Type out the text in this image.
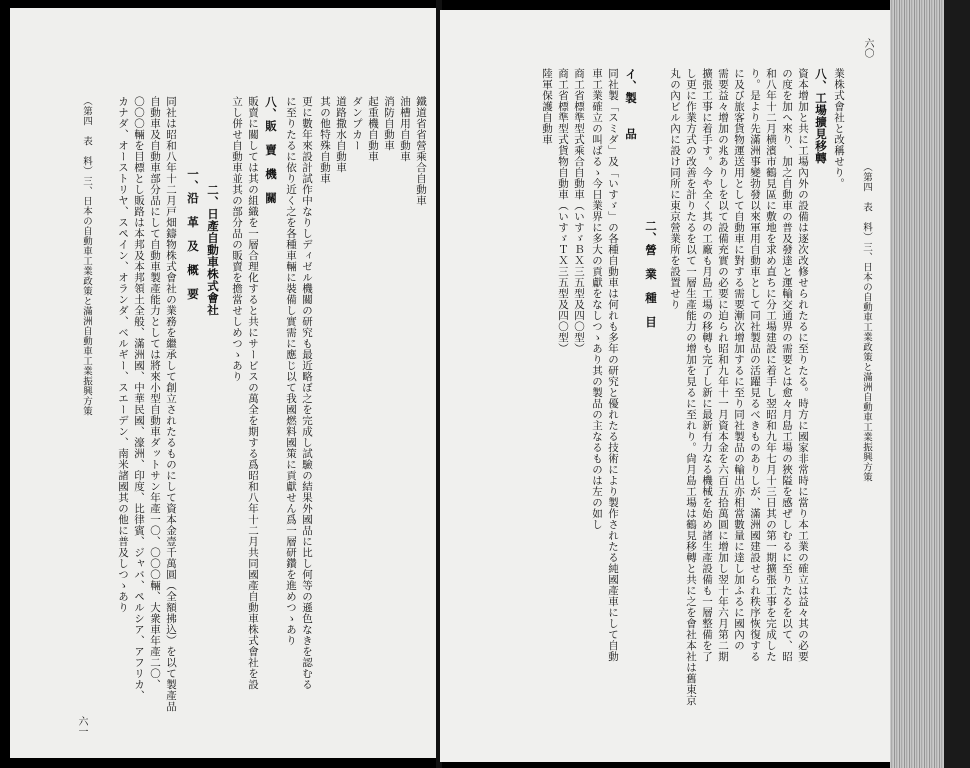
鐵道省省營乘合自動車
油槽用自動車
消防自動車
起重機自動車
ダンプカー
道路撒水自動車
其の他特殊自動車
更に數年來設計試作中なりしディゼル機關の研究も最近略ぼ之を完成し試驗の結果外國品に比し何等の遜色なきを認むる
に至りたるに依り近く之を各種車輛に裝備し實需に應じ以て我國燃料國策に貢獻せん爲一層研鑽を進めつゝあり
八、販　賣　機　關
販賣に關しては其の組織を一層合理化すると共にサービスの萬全を期する爲昭和八年十二月共同國產自動車株式會社を設
立し併せ自動車並其の部分品の販賣を擔當せしめつゝあり
二、日產自動車株式會社
一、沿　革　及　概　要
同社は昭和八年十二月戸畑鑄物株式會社の業務を繼承して創立されたるものにして資本金壹千萬圓（全額拂込）を以て製產品
自動車及自動車部分品にして自動車製產能力としては將來小型自動車ダットサン年產一〇、〇〇〇輛、大衆車年產二〇、
〇〇〇輛を目標とし販路は本邦及本邦領土全般、滿洲國、中華民國、濠洲、印度、比律賓、ジャバ、ペルシア、アフリカ、
カナダ、オーストリヤ、スペイン、オランダ、ベルギー、スエーデン、南米諸國其の他に普及しつゝあり
（第四　表　料）三、日本の自動車工業政策と滿洲自動車工業振興方策
六一
（第四　表　料）三、日本の自動車工業政策と滿洲自動車工業振興方策
六〇
業株式會社と改稱せり。
八、工場擴見移轉
資本增加と共に工場內外の設備は逐次改修せられたるに至りたる。時方に國家非常時に當り本工業の確立は益々其の必要
の度を加へ來り、加之自動車の普及發達と運輸交通界の需要とは愈々月島工場の狹隘を感ぜしむるに至りたるを以て、昭
和八年十二月横濱市鶴見區に敷地を求め直ちに分工場建設に着手し翌昭和九年七月十三日其の第一期擴張工事を完成した
り。是より先滿洲事變勃發以來軍用自動車として同社製品の活躍見るべきものありしが、滿洲國建設せられ秩序恢復する
に及び旅客貨物運送用として自動車に對する需要漸次增加するに至り同社製品の輸出亦相當數量に達し加ふるに國內の
需要益々增加の兆ありしを以て設備充實の必要に迫られ昭和九年十一月資本金を六百五拾萬圓に增加し翌十年六月第二期
擴張工事に着手す。今や全く其の工廠も月島工場の移轉も完了し新に最新有力なる機械を始め諸生產設備も一層整備を了
し更に作業方式の改善を計りたるを以て一層生產能力の增加を見るに至れり。尙月島工場は鶴見移轉と共に之を會社本社は舊東京
丸の內ビル內に設け同所に東京營業所を設置せり
二、營　業　種　目
イ、製　　品
同社製「スミダ」及「いすゞ」の各種自動車は何れも多年の研究と優れたる技術により製作されたる純國產車にして自動
車工業確立の叫ばるゝ今日業界に多大の貢獻をなしつゝあり其の製品の主なるものは左の如し
商工省標準型式乘合自動車（いすゞＢＸ三五型及四〇型）
商工省標準型式貨物自動車（いすゞＴＸ三五型及四〇型）
陸軍保護自動車
